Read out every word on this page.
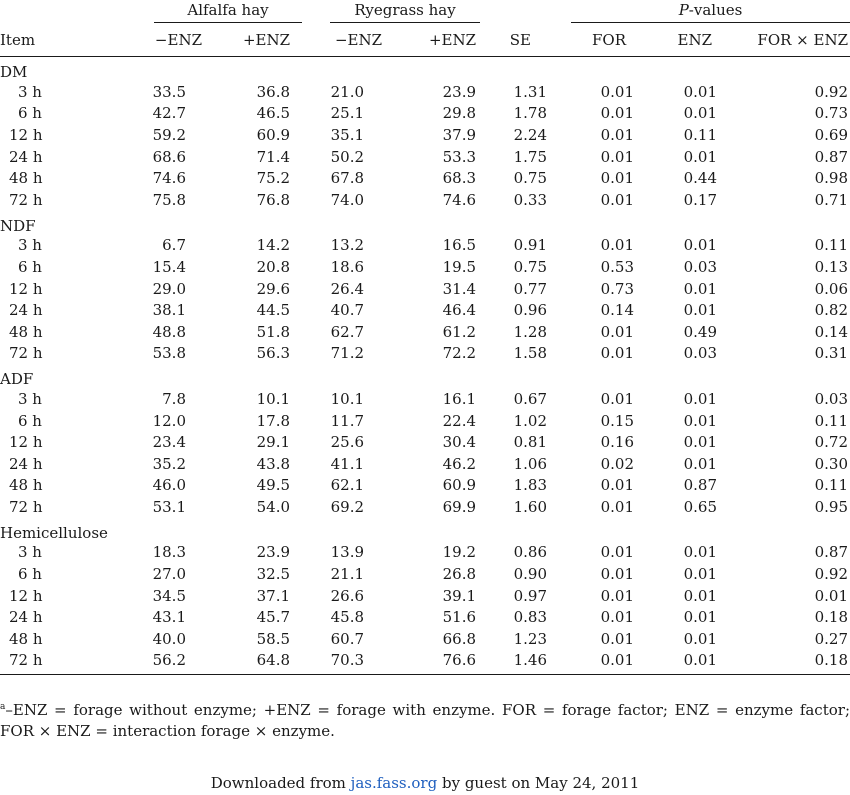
	Alfalfa hay		Ryegrass hay			P-values		

Item	−ENZ	+ENZ	−ENZ	+ENZ	SE	FOR	ENZ	FOR × ENZ
DM								
3 h	33.5	36.8	21.0	23.9	1.31	0.01	0.01	0.92
6 h	42.7	46.5	25.1	29.8	1.78	0.01	0.01	0.73
12 h	59.2	60.9	35.1	37.9	2.24	0.01	0.11	0.69
24 h	68.6	71.4	50.2	53.3	1.75	0.01	0.01	0.87
48 h	74.6	75.2	67.8	68.3	0.75	0.01	0.44	0.98
72 h	75.8	76.8	74.0	74.6	0.33	0.01	0.17	0.71
NDF								
3 h	6.7	14.2	13.2	16.5	0.91	0.01	0.01	0.11
6 h	15.4	20.8	18.6	19.5	0.75	0.53	0.03	0.13
12 h	29.0	29.6	26.4	31.4	0.77	0.73	0.01	0.06
24 h	38.1	44.5	40.7	46.4	0.96	0.14	0.01	0.82
48 h	48.8	51.8	62.7	61.2	1.28	0.01	0.49	0.14
72 h	53.8	56.3	71.2	72.2	1.58	0.01	0.03	0.31
ADF								
3 h	7.8	10.1	10.1	16.1	0.67	0.01	0.01	0.03
6 h	12.0	17.8	11.7	22.4	1.02	0.15	0.01	0.11
12 h	23.4	29.1	25.6	30.4	0.81	0.16	0.01	0.72
24 h	35.2	43.8	41.1	46.2	1.06	0.02	0.01	0.30
48 h	46.0	49.5	62.1	60.9	1.83	0.01	0.87	0.11
72 h	53.1	54.0	69.2	69.9	1.60	0.01	0.65	0.95
Hemicellulose								
3 h	18.3	23.9	13.9	19.2	0.86	0.01	0.01	0.87
6 h	27.0	32.5	21.1	26.8	0.90	0.01	0.01	0.92
12 h	34.5	37.1	26.6	39.1	0.97	0.01	0.01	0.01
24 h	43.1	45.7	45.8	51.6	0.83	0.01	0.01	0.18
48 h	40.0	58.5	60.7	66.8	1.23	0.01	0.01	0.27
72 h	56.2	64.8	70.3	76.6	1.46	0.01	0.01	0.18
$^a$–ENZ = forage without enzyme; +ENZ = forage with enzyme. FOR = forage factor; ENZ = enzyme factor; FOR × ENZ = interaction forage × enzyme.
Downloaded from jas.fass.org by guest on May 24, 2011
